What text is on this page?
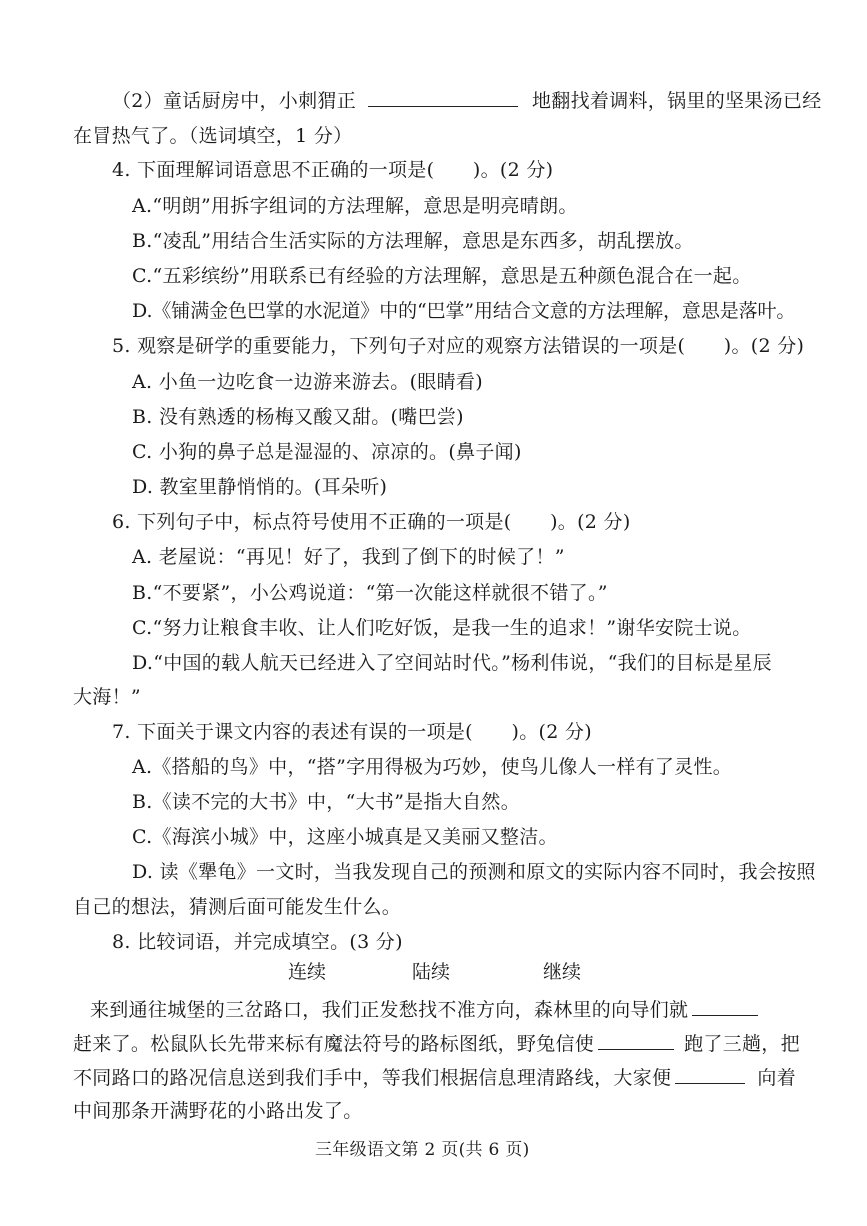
（2）童话厨房中，小刺猬正	地翻找着调料，锅里的坚果汤已经
在冒热气了。（选词填空，1 分）
4. 下面理解词语意思不正确的一项是(　　)。(2 分)
A.“明朗”用拆字组词的方法理解，意思是明亮晴朗。
B.“凌乱”用结合生活实际的方法理解，意思是东西多，胡乱摆放。
C.“五彩缤纷”用联系已有经验的方法理解，意思是五种颜色混合在一起。
D.《铺满金色巴掌的水泥道》中的“巴掌”用结合文意的方法理解，意思是落叶。
5. 观察是研学的重要能力，下列句子对应的观察方法错误的一项是(　　)。(2 分)
A. 小鱼一边吃食一边游来游去。(眼睛看)
B. 没有熟透的杨梅又酸又甜。(嘴巴尝)
C. 小狗的鼻子总是湿湿的、凉凉的。(鼻子闻)
D. 教室里静悄悄的。(耳朵听)
6. 下列句子中，标点符号使用不正确的一项是(　　)。(2 分)
A. 老屋说：“再见！好了，我到了倒下的时候了！”
B.“不要紧”，小公鸡说道：“第一次能这样就很不错了。”
C.“努力让粮食丰收、让人们吃好饭，是我一生的追求！”谢华安院士说。
D.“中国的载人航天已经进入了空间站时代。”杨利伟说，“我们的目标是星辰
大海！”
7. 下面关于课文内容的表述有误的一项是(　　)。(2 分)
A.《搭船的鸟》中，“搭”字用得极为巧妙，使鸟儿像人一样有了灵性。
B.《读不完的大书》中，“大书”是指大自然。
C.《海滨小城》中，这座小城真是又美丽又整洁。
D. 读《犟龟》一文时，当我发现自己的预测和原文的实际内容不同时，我会按照
自己的想法，猜测后面可能发生什么。
8. 比较词语，并完成填空。(3 分)
连续	陆续	继续
来到通往城堡的三岔路口，我们正发愁找不准方向，森林里的向导们就
赶来了。松鼠队长先带来标有魔法符号的路标图纸，野兔信使	跑了三趟，把
不同路口的路况信息送到我们手中，等我们根据信息理清路线，大家便	向着
中间那条开满野花的小路出发了。
三年级语文第 2 页(共 6 页)
